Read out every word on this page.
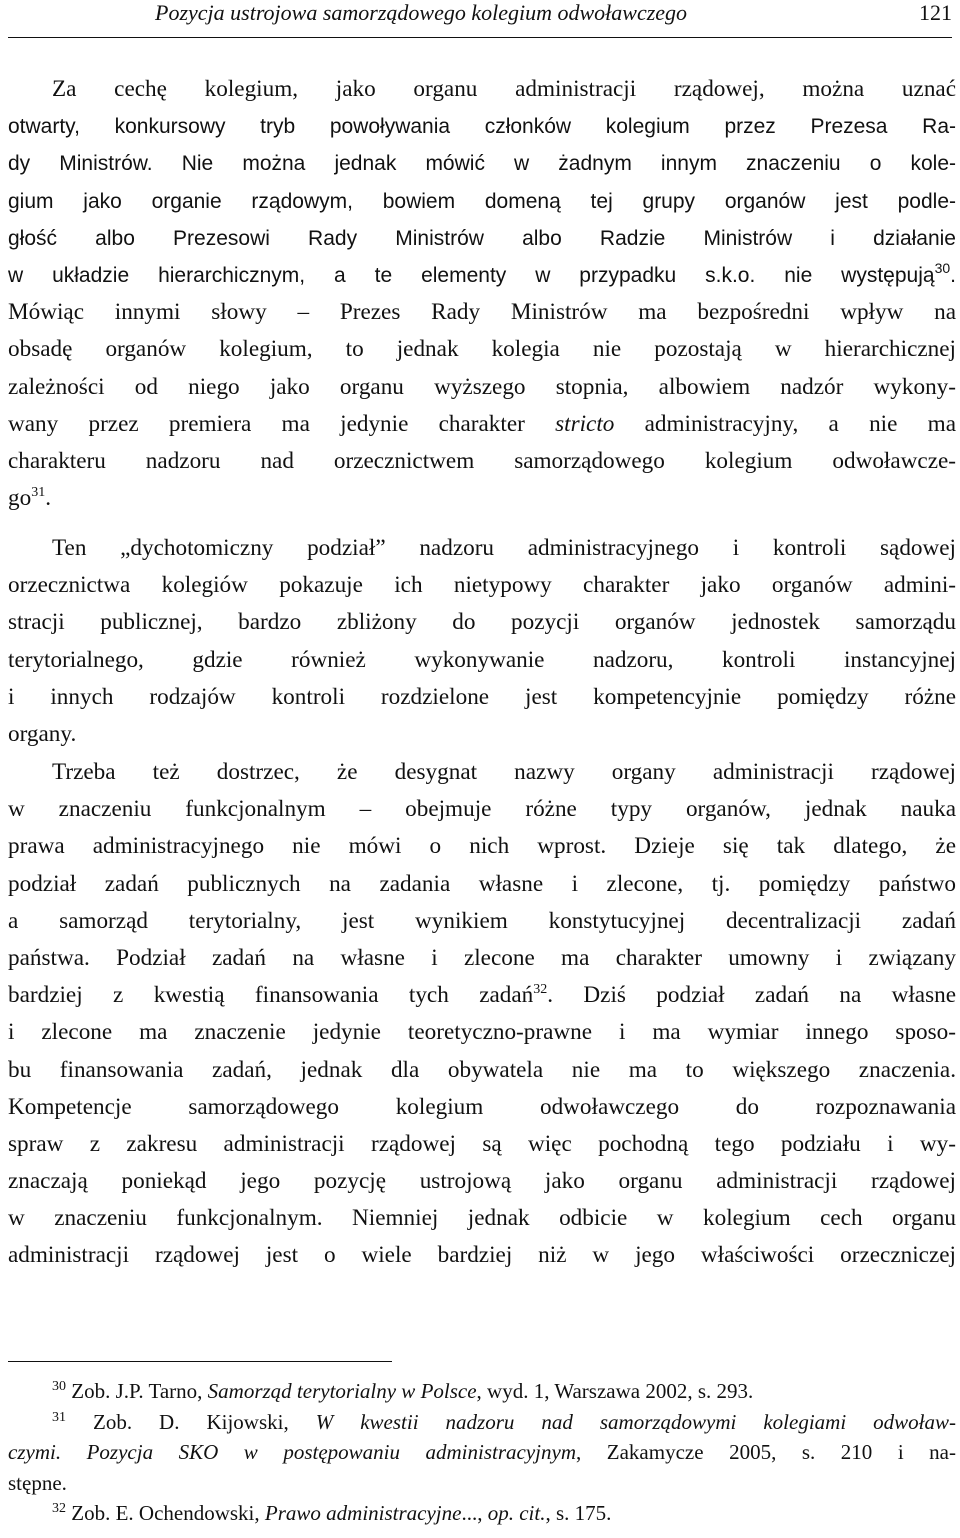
Pozycja ustrojowa samorządowego kolegium odwoławczego	121
Za cechę kolegium, jako organu administracji rządowej, można uznać
otwarty, konkursowy tryb powoływania członków kolegium przez Prezesa Ra-
dy Ministrów. Nie można jednak mówić w żadnym innym znaczeniu o kole-
gium jako organie rządowym, bowiem domeną tej grupy organów jest podle-
głość albo Prezesowi Rady Ministrów albo Radzie Ministrów i działanie
w układzie hierarchicznym, a te elementy w przypadku s.k.o. nie występują$^{30}$.
Mówiąc innymi słowy – Prezes Rady Ministrów ma bezpośredni wpływ na
obsadę organów kolegium, to jednak kolegia nie pozostają w hierarchicznej
zależności od niego jako organu wyższego stopnia, albowiem nadzór wykony-
wany przez premiera ma jedynie charakter stricto administracyjny, a nie ma
charakteru nadzoru nad orzecznictwem samorządowego kolegium odwoławcze-
$go^{31}$.
Ten „dychotomiczny podział” nadzoru administracyjnego i kontroli sądowej
orzecznictwa kolegiów pokazuje ich nietypowy charakter jako organów admini-
stracji publicznej, bardzo zbliżony do pozycji organów jednostek samorządu
terytorialnego, gdzie również wykonywanie nadzoru, kontroli instancyjnej
i innych rodzajów kontroli rozdzielone jest kompetencyjnie pomiędzy różne
organy.
Trzeba też dostrzec, że desygnat nazwy organy administracji rządowej
w znaczeniu funkcjonalnym – obejmuje różne typy organów, jednak nauka
prawa administracyjnego nie mówi o nich wprost. Dzieje się tak dlatego, że
podział zadań publicznych na zadania własne i zlecone, tj. pomiędzy państwo
a samorząd terytorialny, jest wynikiem konstytucyjnej decentralizacji zadań
państwa. Podział zadań na własne i zlecone ma charakter umowny i związany
bardziej z kwestią finansowania tych zadań$^{32}$. Dziś podział zadań na własne
i zlecone ma znaczenie jedynie teoretyczno-prawne i ma wymiar innego sposo-
bu finansowania zadań, jednak dla obywatela nie ma to większego znaczenia.
Kompetencje samorządowego kolegium odwoławczego do rozpoznawania
spraw z zakresu administracji rządowej są więc pochodną tego podziału i wy-
znaczają poniekąd jego pozycję ustrojową jako organu administracji rządowej
w znaczeniu funkcjonalnym. Niemniej jednak odbicie w kolegium cech organu
administracji rządowej jest o wiele bardziej niż w jego właściwości orzeczniczej
$^{30}$ Zob. J.P. Tarno, Samorząd terytorialny w Polsce, wyd. 1, Warszawa 2002, s. 293.
$^{31}$ Zob. D. Kijowski, W kwestii nadzoru nad samorządowymi kolegiami odwoław-
czymi. Pozycja SKO w postępowaniu administracyjnym, Zakamycze 2005, s. 210 i na-
stępne.
$^{32}$ Zob. E. Ochendowski, Prawo administracyjne..., op. cit., s. 175.
